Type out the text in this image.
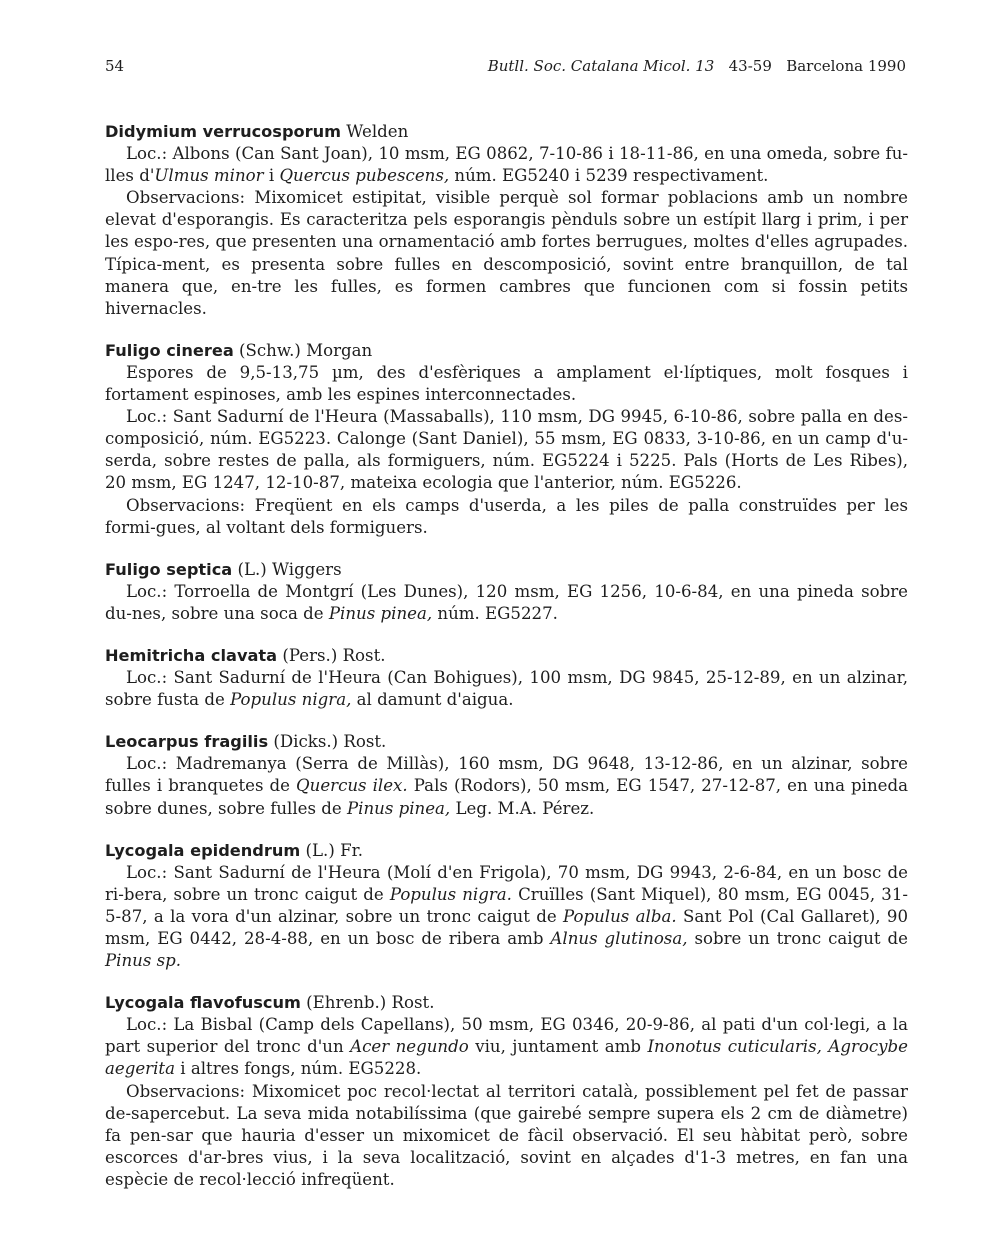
54	Butll. Soc. Catalana Micol. 13 43-59 Barcelona 1990

Didymium verrucosporum Welden

Loc.: Albons (Can Sant Joan), 10 msm, EG 0862, 7-10-86 i 18-11-86, en una omeda, sobre fu-lles d'Ulmus minor i Quercus pubescens, núm. EG5240 i 5239 respectivament.

Observacions: Mixomicet estipitat, visible perquè sol formar poblacions amb un nombre elevat d'esporangis. Es caracteritza pels esporangis pènduls sobre un estípit llarg i prim, i per les espo-res, que presenten una ornamentació amb fortes berrugues, moltes d'elles agrupades. Típica-ment, es presenta sobre fulles en descomposició, sovint entre branquillon, de tal manera que, en-tre les fulles, es formen cambres que funcionen com si fossin petits hivernacles.

Fuligo cinerea (Schw.) Morgan

Espores de 9,5-13,75 µm, des d'esfèriques a amplament el·líptiques, molt fosques i fortament espinoses, amb les espines interconnectades.

Loc.: Sant Sadurní de l'Heura (Massaballs), 110 msm, DG 9945, 6-10-86, sobre palla en des-composició, núm. EG5223. Calonge (Sant Daniel), 55 msm, EG 0833, 3-10-86, en un camp d'u-serda, sobre restes de palla, als formiguers, núm. EG5224 i 5225. Pals (Horts de Les Ribes), 20 msm, EG 1247, 12-10-87, mateixa ecologia que l'anterior, núm. EG5226.

Observacions: Freqüent en els camps d'userda, a les piles de palla construïdes per les formi-gues, al voltant dels formiguers.

Fuligo septica (L.) Wiggers

Loc.: Torroella de Montgrí (Les Dunes), 120 msm, EG 1256, 10-6-84, en una pineda sobre du-nes, sobre una soca de Pinus pinea, núm. EG5227.

Hemitricha clavata (Pers.) Rost.

Loc.: Sant Sadurní de l'Heura (Can Bohigues), 100 msm, DG 9845, 25-12-89, en un alzinar, sobre fusta de Populus nigra, al damunt d'aigua.

Leocarpus fragilis (Dicks.) Rost.

Loc.: Madremanya (Serra de Millàs), 160 msm, DG 9648, 13-12-86, en un alzinar, sobre fulles i branquetes de Quercus ilex. Pals (Rodors), 50 msm, EG 1547, 27-12-87, en una pineda sobre dunes, sobre fulles de Pinus pinea, Leg. M.A. Pérez.

Lycogala epidendrum (L.) Fr.

Loc.: Sant Sadurní de l'Heura (Molí d'en Frigola), 70 msm, DG 9943, 2-6-84, en un bosc de ri-bera, sobre un tronc caigut de Populus nigra. Cruïlles (Sant Miquel), 80 msm, EG 0045, 31-5-87, a la vora d'un alzinar, sobre un tronc caigut de Populus alba. Sant Pol (Cal Gallaret), 90 msm, EG 0442, 28-4-88, en un bosc de ribera amb Alnus glutinosa, sobre un tronc caigut de Pinus sp.

Lycogala flavofuscum (Ehrenb.) Rost.

Loc.: La Bisbal (Camp dels Capellans), 50 msm, EG 0346, 20-9-86, al pati d'un col·legi, a la part superior del tronc d'un Acer negundo viu, juntament amb Inonotus cuticularis, Agrocybe aegerita i altres fongs, núm. EG5228.

Observacions: Mixomicet poc recol·lectat al territori català, possiblement pel fet de passar de-sapercebut. La seva mida notabilíssima (que gairebé sempre supera els 2 cm de diàmetre) fa pen-sar que hauria d'esser un mixomicet de fàcil observació. El seu hàbitat però, sobre escorces d'ar-bres vius, i la seva localització, sovint en alçades d'1-3 metres, en fan una espècie de recol·lecció infreqüent.
